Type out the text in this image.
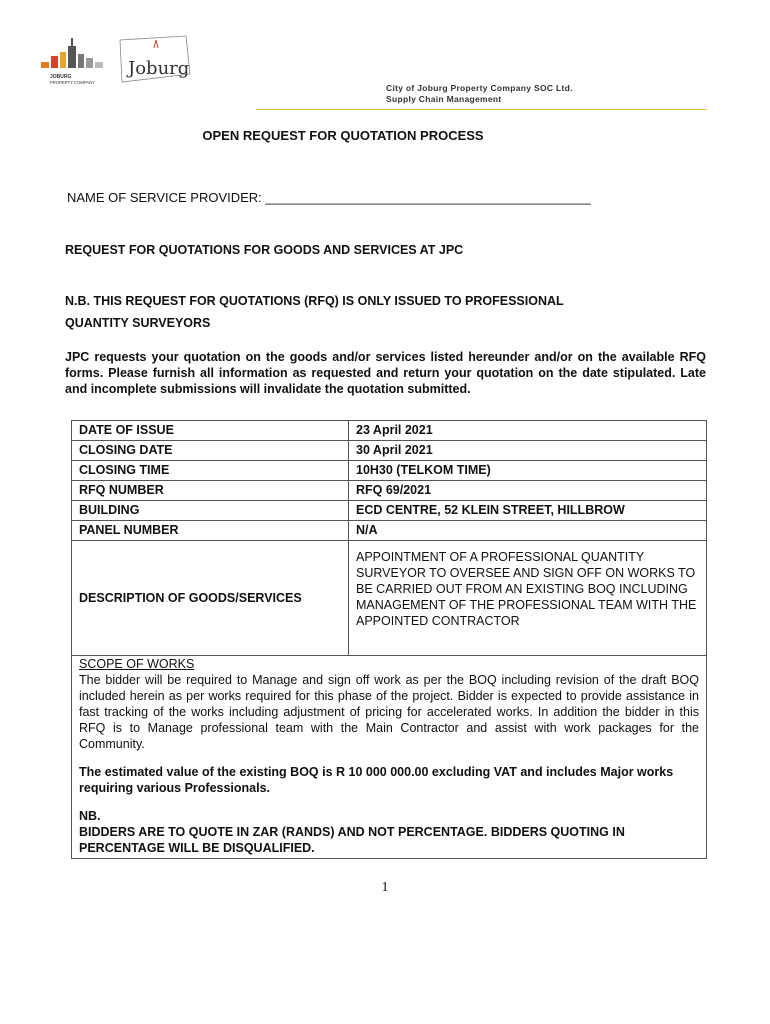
JOBURG
PROPERTY COMPANY
Joburg
City of Joburg Property Company SOC Ltd.
Supply Chain Management
OPEN REQUEST FOR QUOTATION PROCESS
NAME OF SERVICE PROVIDER: _____________________________________________
REQUEST FOR QUOTATIONS FOR GOODS AND SERVICES AT JPC
N.B. THIS REQUEST FOR QUOTATIONS (RFQ) IS ONLY ISSUED TO PROFESSIONAL
QUANTITY SURVEYORS
JPC requests your quotation on the goods and/or services listed hereunder and/or on the available RFQ forms. Please furnish all information as requested and return your quotation on the date stipulated. Late and incomplete submissions will invalidate the quotation submitted.
DATE OF ISSUE	23 April 2021
CLOSING DATE	30 April 2021
CLOSING TIME	10H30 (TELKOM TIME)
RFQ NUMBER	RFQ 69/2021
BUILDING	ECD CENTRE, 52 KLEIN STREET, HILLBROW
PANEL NUMBER	N/A
DESCRIPTION OF GOODS/SERVICES	APPOINTMENT OF A PROFESSIONAL QUANTITY SURVEYOR TO OVERSEE AND SIGN OFF ON WORKS TO BE CARRIED OUT FROM AN EXISTING BOQ INCLUDING MANAGEMENT OF THE PROFESSIONAL TEAM WITH THE APPOINTED CONTRACTOR

SCOPE OF WORKS

The bidder will be required to Manage and sign off work as per the BOQ including revision of the draft BOQ included herein as per works required for this phase of the project. Bidder is expected to provide assistance in fast tracking of the works including adjustment of pricing for accelerated works. In addition the bidder in this RFQ is to Manage professional team with the Main Contractor and assist with work packages for the Community.

The estimated value of the existing BOQ is R 10 000 000.00 excluding VAT and includes Major works requiring various Professionals.

NB.
BIDDERS ARE TO QUOTE IN ZAR (RANDS) AND NOT PERCENTAGE. BIDDERS QUOTING IN PERCENTAGE WILL BE DISQUALIFIED.	

1
